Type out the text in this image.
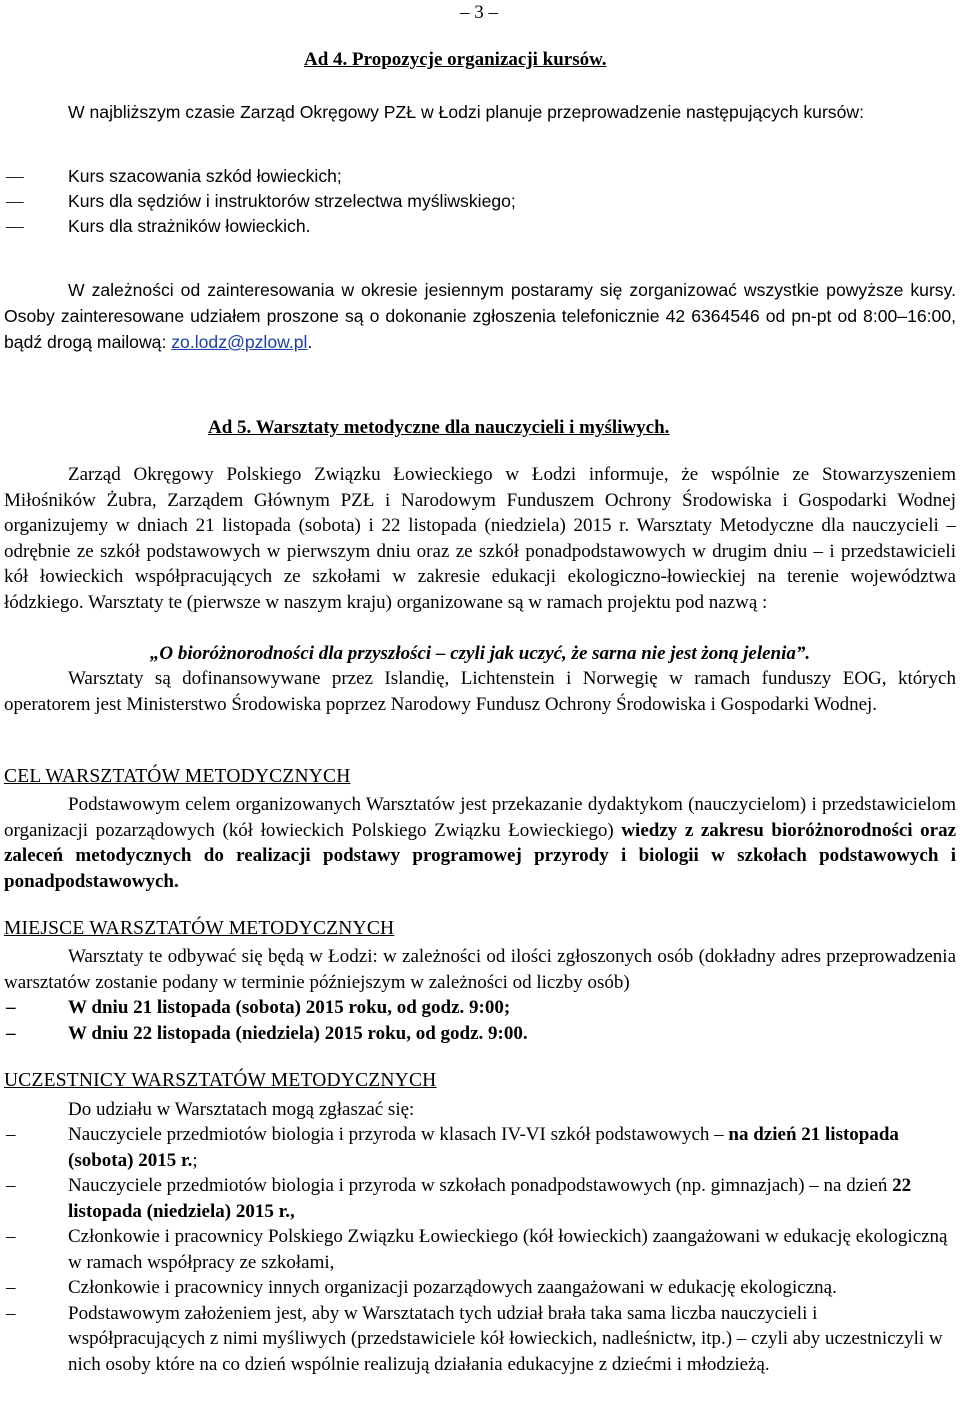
– 3 –
Ad 4. Propozycje organizacji kursów.

W najbliższym czasie Zarząd Okręgowy PZŁ w Łodzi planuje przeprowadzenie następujących kursów:

— Kurs szacowania szkód łowieckich;
— Kurs dla sędziów i instruktorów strzelectwa myśliwskiego;
— Kurs dla strażników łowieckich.

W zależności od zainteresowania w okresie jesiennym postaramy się zorganizować wszystkie powyższe kursy. Osoby zainteresowane udziałem proszone są o dokonanie zgłoszenia telefonicznie 42 6364546 od pn-pt od 8:00–16:00, bądź drogą mailową: zo.lodz@pzlow.pl.

Ad 5. Warsztaty metodyczne dla nauczycieli i myśliwych.

Zarząd Okręgowy Polskiego Związku Łowieckiego w Łodzi informuje, że wspólnie ze Stowarzyszeniem Miłośników Żubra, Zarządem Głównym PZŁ i Narodowym Funduszem Ochrony Środowiska i Gospodarki Wodnej organizujemy w dniach 21 listopada (sobota) i 22 listopada (niedziela) 2015 r. Warsztaty Metodyczne dla nauczycieli – odrębnie ze szkół podstawowych w pierwszym dniu oraz ze szkół ponadpodstawowych w drugim dniu – i przedstawicieli kół łowieckich współpracujących ze szkołami w zakresie edukacji ekologiczno-łowieckiej na terenie województwa łódzkiego. Warsztaty te (pierwsze w naszym kraju) organizowane są w ramach projektu pod nazwą :

„O bioróżnorodności dla przyszłości – czyli jak uczyć, że sarna nie jest żoną jelenia”.

Warsztaty są dofinansowywane przez Islandię, Lichtenstein i Norwegię w ramach funduszy EOG, których operatorem jest Ministerstwo Środowiska poprzez Narodowy Fundusz Ochrony Środowiska i Gospodarki Wodnej.

CEL WARSZTATÓW METODYCZNYCH

Podstawowym celem organizowanych Warsztatów jest przekazanie dydaktykom (nauczycielom) i przedstawicielom organizacji pozarządowych (kół łowieckich Polskiego Związku Łowieckiego) wiedzy z zakresu bioróżnorodności oraz zaleceń metodycznych do realizacji podstawy programowej przyrody i biologii w szkołach podstawowych i ponadpodstawowych.

MIEJSCE WARSZTATÓW METODYCZNYCH

Warsztaty te odbywać się będą w Łodzi: w zależności od ilości zgłoszonych osób (dokładny adres przeprowadzenia warsztatów zostanie podany w terminie późniejszym w zależności od liczby osób)

– W dniu 21 listopada (sobota) 2015 roku, od godz. 9:00;
– W dniu 22 listopada (niedziela) 2015 roku, od godz. 9:00.
UCZESTNICY WARSZTATÓW METODYCZNYCH

Do udziału w Warsztatach mogą zgłaszać się:

– Nauczyciele przedmiotów biologia i przyroda w klasach IV-VI szkół podstawowych – na dzień 21 listopada (sobota) 2015 r.;
– Nauczyciele przedmiotów biologia i przyroda w szkołach ponadpodstawowych (np. gimnazjach) – na dzień 22 listopada (niedziela) 2015 r.,
– Członkowie i pracownicy Polskiego Związku Łowieckiego (kół łowieckich) zaangażowani w edukację ekologiczną w ramach współpracy ze szkołami,
– Członkowie i pracownicy innych organizacji pozarządowych zaangażowani w edukację ekologiczną.
– Podstawowym założeniem jest, aby w Warsztatach tych udział brała taka sama liczba nauczycieli i współpracujących z nimi myśliwych (przedstawiciele kół łowieckich, nadleśnictw, itp.) – czyli aby uczestniczyli w nich osoby które na co dzień wspólnie realizują działania edukacyjne z dziećmi i młodzieżą.
